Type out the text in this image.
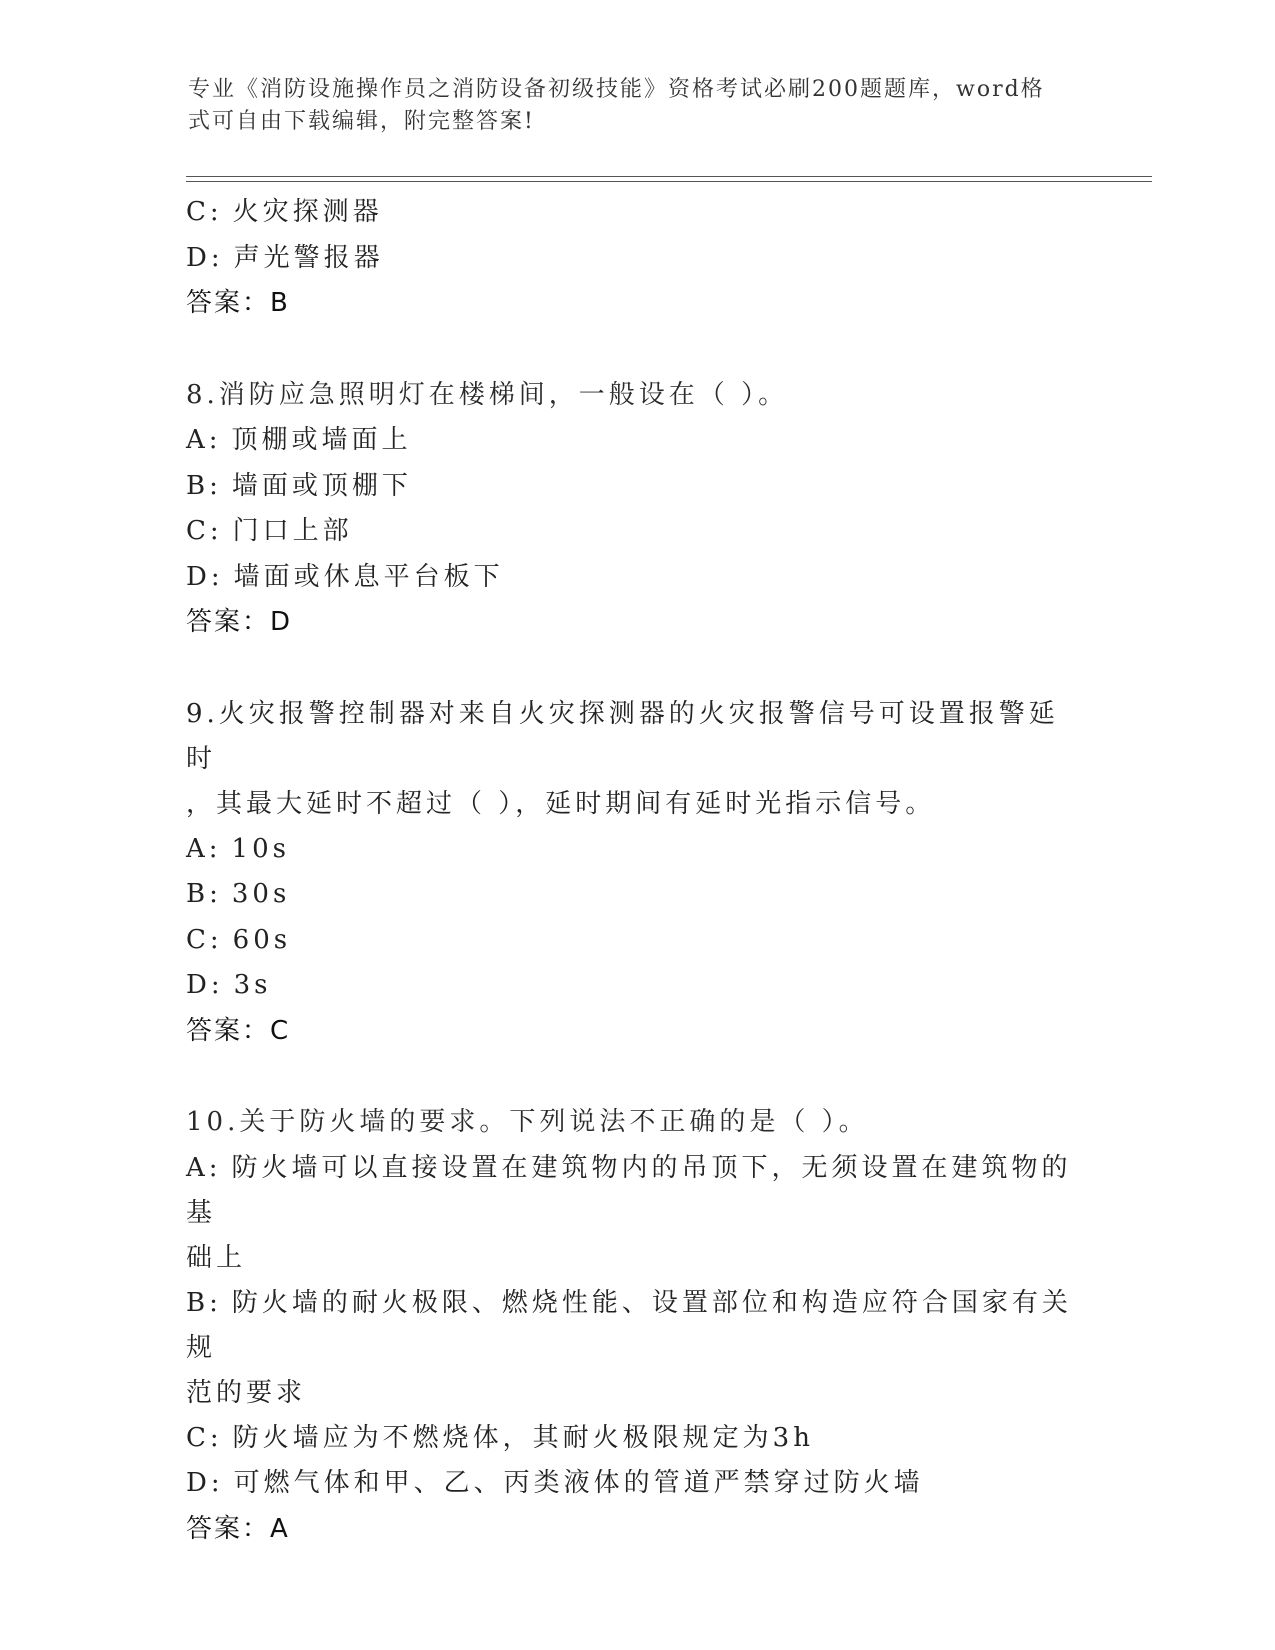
专业《消防设施操作员之消防设备初级技能》资格考试必刷200题题库，word格
式可自由下载编辑，附完整答案!
C: 火灾探测器
D: 声光警报器
答案：B
8.消防应急照明灯在楼梯间，一般设在（ ）。
A: 顶棚或墙面上
B: 墙面或顶棚下
C: 门口上部
D: 墙面或休息平台板下
答案：D
9.火灾报警控制器对来自火灾探测器的火灾报警信号可设置报警延时
，其最大延时不超过（ ），延时期间有延时光指示信号。
A: 10s
B: 30s
C: 60s
D: 3s
答案：C
10.关于防火墙的要求。下列说法不正确的是（ ）。
A: 防火墙可以直接设置在建筑物内的吊顶下，无须设置在建筑物的基
础上
B: 防火墙的耐火极限、燃烧性能、设置部位和构造应符合国家有关规
范的要求
C: 防火墙应为不燃烧体，其耐火极限规定为3h
D: 可燃气体和甲、乙、丙类液体的管道严禁穿过防火墙
答案：A
